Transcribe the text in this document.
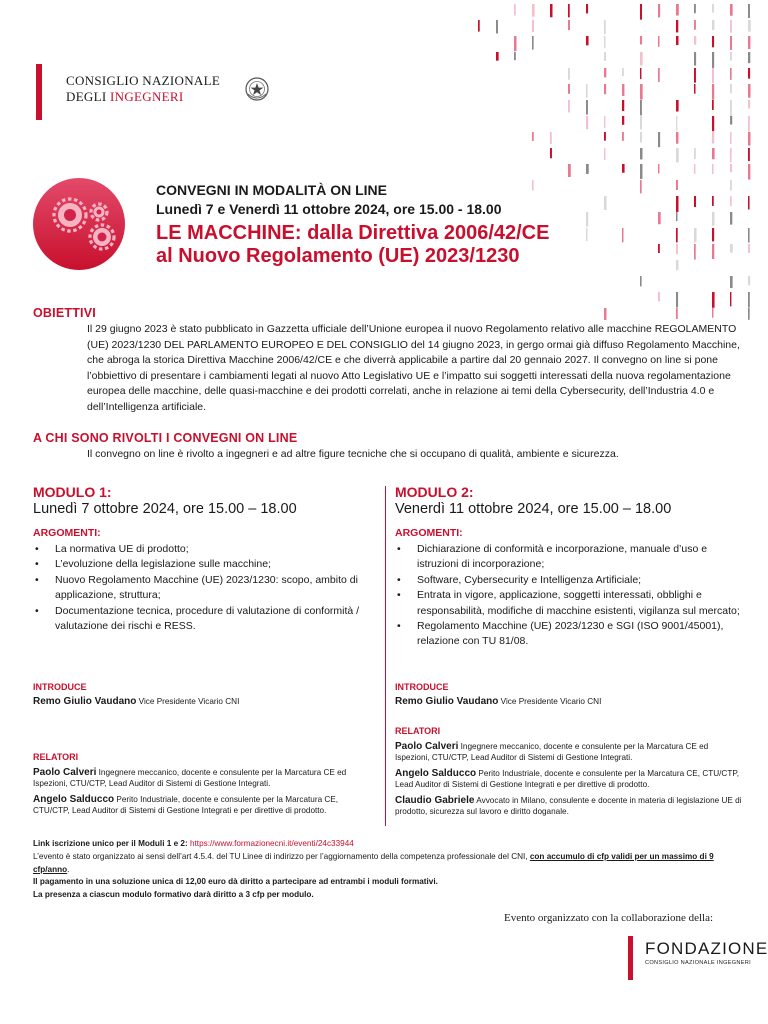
CONSIGLIO NAZIONALE
DEGLI INGEGNERI
CONVEGNI IN MODALITÀ ON LINE
Lunedì 7 e Venerdì 11 ottobre 2024, ore 15.00 - 18.00
LE MACCHINE: dalla Direttiva 2006/42/CE
al Nuovo Regolamento (UE) 2023/1230
OBIETTIVI
Il 29 giugno 2023 è stato pubblicato in Gazzetta ufficiale dell’Unione europea il nuovo Regolamento relativo alle macchine REGOLAMENTO (UE) 2023/1230 DEL PARLAMENTO EUROPEO E DEL CONSIGLIO del 14 giugno 2023, in gergo ormai già diffuso Regolamento Macchine, che abroga la storica Direttiva Macchine 2006/42/CE e che diverrà applicabile a partire dal 20 gennaio 2027. Il convegno on line si pone l’obbiettivo di presentare i cambiamenti legati al nuovo Atto Legislativo UE e l’impatto sui soggetti interessati della nuova regolamentazione europea delle macchine, delle quasi-macchine e dei prodotti correlati, anche in relazione ai temi della Cybersecurity, dell’Industria 4.0 e dell’Intelligenza artificiale.
A CHI SONO RIVOLTI I CONVEGNI ON LINE
Il convegno on line è rivolto a ingegneri e ad altre figure tecniche che si occupano di qualità, ambiente e sicurezza.
MODULO 1:
Lunedì 7 ottobre 2024, ore 15.00 – 18.00
ARGOMENTI:
• La normativa UE di prodotto;
• L’evoluzione della legislazione sulle macchine;
• Nuovo Regolamento Macchine (UE) 2023/1230: scopo, ambito di applicazione, struttura;
• Documentazione tecnica, procedure di valutazione di conformità / valutazione dei rischi e RESS.
INTRODUCE
Remo Giulio Vaudano Vice Presidente Vicario CNI
RELATORI
Paolo Calveri Ingegnere meccanico, docente e consulente per la Marcatura CE ed Ispezioni, CTU/CTP, Lead Auditor di Sistemi di Gestione Integrati.
Angelo Salducco Perito Industriale, docente e consulente per la Marcatura CE, CTU/CTP, Lead Auditor di Sistemi di Gestione Integrati e per direttive di prodotto.
MODULO 2:
Venerdì 11 ottobre 2024, ore 15.00 – 18.00
ARGOMENTI:
• Dichiarazione di conformità e incorporazione, manuale d’uso e istruzioni di incorporazione;
• Software, Cybersecurity e Intelligenza Artificiale;
• Entrata in vigore, applicazione, soggetti interessati, obblighi e responsabilità, modifiche di macchine esistenti, vigilanza sul mercato;
• Regolamento Macchine (UE) 2023/1230 e SGI (ISO 9001/45001), relazione con TU 81/08.
INTRODUCE
Remo Giulio Vaudano Vice Presidente Vicario CNI
RELATORI
Paolo Calveri Ingegnere meccanico, docente e consulente per la Marcatura CE ed Ispezioni, CTU/CTP, Lead Auditor di Sistemi di Gestione Integrati.
Angelo Salducco Perito Industriale, docente e consulente per la Marcatura CE, CTU/CTP, Lead Auditor di Sistemi di Gestione Integrati e per direttive di prodotto.
Claudio Gabriele Avvocato in Milano, consulente e docente in materia di legislazione UE di prodotto, sicurezza sul lavoro e diritto doganale.
Link iscrizione unico per il Moduli 1 e 2: https://www.formazionecni.it/eventi/24c33944
L’evento è stato organizzato ai sensi dell’art 4.5.4. del TU Linee di indirizzo per l’aggiornamento della competenza professionale del CNI, con accumulo di cfp validi per un massimo di 9 cfp/anno.
Il pagamento in una soluzione unica di 12,00 euro dà diritto a partecipare ad entrambi i moduli formativi.
La presenza a ciascun modulo formativo darà diritto a 3 cfp per modulo.
Evento organizzato con la collaborazione della:
FONDAZIONE
CONSIGLIO NAZIONALE INGEGNERI
